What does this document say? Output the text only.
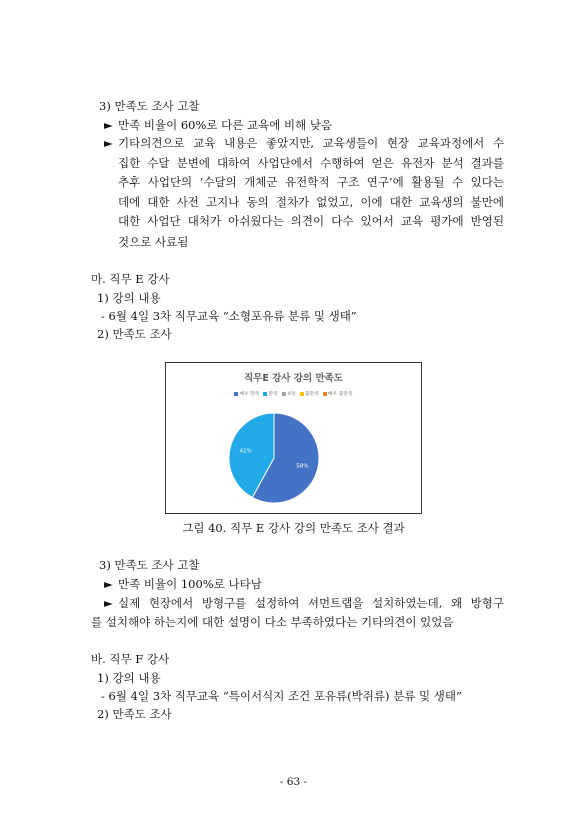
3) 만족도 조사 고찰
► 만족 비율이 60%로 다른 교육에 비해 낮음
► 기타의견으로 교육 내용은 좋았지만, 교육생들이 현장 교육과정에서 수
집한 수달 분변에 대하여 사업단에서 수행하여 얻은 유전자 분석 결과를
추후 사업단의 ‘수달의 개체군 유전학적 구조 연구’에 활용될 수 있다는
데에 대한 사전 고지나 동의 절차가 없었고, 이에 대한 교육생의 불만에
대한 사업단 대처가 아쉬웠다는 의견이 다수 있어서 교육 평가에 반영된
것으로 사료됨
마. 직무 E 강사
1) 강의 내용
- 6월 4일 3차 직무교육 “소형포유류 분류 및 생태”
2) 만족도 조사
직무E 강사 강의 만족도
매우 만족 만족 보통 불만족 매우 불만족
58%
42%
그림 40. 직무 E 강사 강의 만족도 조사 결과
3) 만족도 조사 고찰
► 만족 비율이 100%로 나타남
► 실제 현장에서 방형구를 설정하여 셔먼트랩을 설치하였는데, 왜 방형구
를 설치해야 하는지에 대한 설명이 다소 부족하였다는 기타의견이 있었음
바. 직무 F 강사
1) 강의 내용
- 6월 4일 3차 직무교육 “특이서식지 조건 포유류(박쥐류) 분류 및 생태”
2) 만족도 조사
- 63 -
